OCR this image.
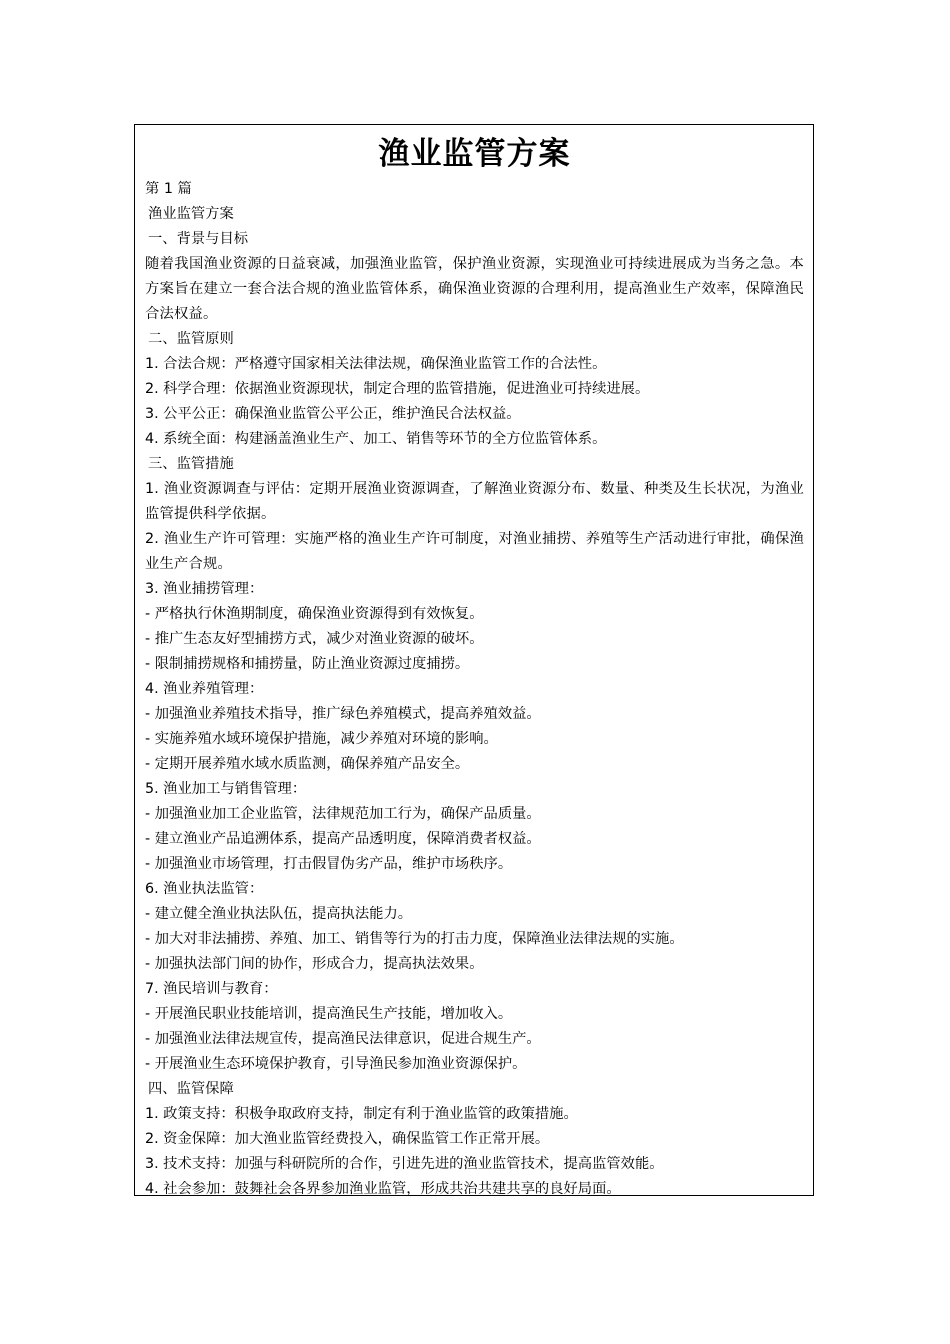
渔业监管方案
第 1 篇
渔业监管方案
一、背景与目标
随着我国渔业资源的日益衰减，加强渔业监管，保护渔业资源，实现渔业可持续进展成为当务之急。本方案旨在建立一套合法合规的渔业监管体系，确保渔业资源的合理利用，提高渔业生产效率，保障渔民合法权益。
二、监管原则
1. 合法合规：严格遵守国家相关法律法规，确保渔业监管工作的合法性。
2. 科学合理：依据渔业资源现状，制定合理的监管措施，促进渔业可持续进展。
3. 公平公正：确保渔业监管公平公正，维护渔民合法权益。
4. 系统全面：构建涵盖渔业生产、加工、销售等环节的全方位监管体系。
三、监管措施
1. 渔业资源调查与评估：定期开展渔业资源调查，了解渔业资源分布、数量、种类及生长状况，为渔业监管提供科学依据。
2. 渔业生产许可管理：实施严格的渔业生产许可制度，对渔业捕捞、养殖等生产活动进行审批，确保渔业生产合规。
3. 渔业捕捞管理：
- 严格执行休渔期制度，确保渔业资源得到有效恢复。
- 推广生态友好型捕捞方式，减少对渔业资源的破坏。
- 限制捕捞规格和捕捞量，防止渔业资源过度捕捞。
4. 渔业养殖管理：
- 加强渔业养殖技术指导，推广绿色养殖模式，提高养殖效益。
- 实施养殖水域环境保护措施，减少养殖对环境的影响。
- 定期开展养殖水域水质监测，确保养殖产品安全。
5. 渔业加工与销售管理：
- 加强渔业加工企业监管，法律规范加工行为，确保产品质量。
- 建立渔业产品追溯体系，提高产品透明度，保障消费者权益。
- 加强渔业市场管理，打击假冒伪劣产品，维护市场秩序。
6. 渔业执法监管：
- 建立健全渔业执法队伍，提高执法能力。
- 加大对非法捕捞、养殖、加工、销售等行为的打击力度，保障渔业法律法规的实施。
- 加强执法部门间的协作，形成合力，提高执法效果。
7. 渔民培训与教育：
- 开展渔民职业技能培训，提高渔民生产技能，增加收入。
- 加强渔业法律法规宣传，提高渔民法律意识，促进合规生产。
- 开展渔业生态环境保护教育，引导渔民参加渔业资源保护。
四、监管保障
1. 政策支持：积极争取政府支持，制定有利于渔业监管的政策措施。
2. 资金保障：加大渔业监管经费投入，确保监管工作正常开展。
3. 技术支持：加强与科研院所的合作，引进先进的渔业监管技术，提高监管效能。
4. 社会参加：鼓舞社会各界参加渔业监管，形成共治共建共享的良好局面。
